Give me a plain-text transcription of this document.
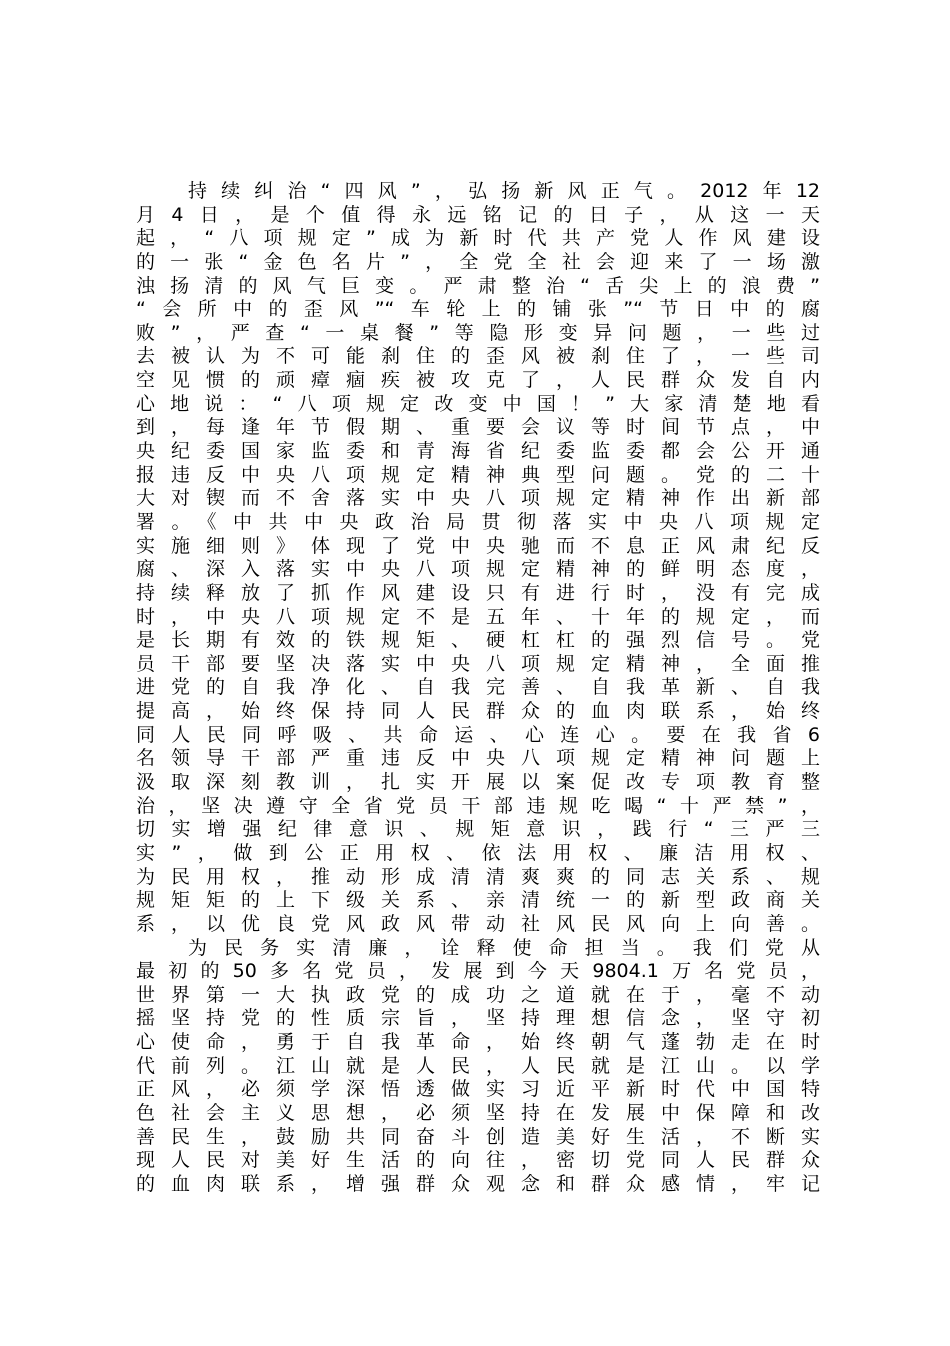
持续纠治“四风”，弘扬新风正气。2012年12
月4日，是个值得永远铭记的日子，从这一天
起，“八项规定”成为新时代共产党人作风建设
的一张“金色名片”，全党全社会迎来了一场激
浊扬清的风气巨变。严肃整治“舌尖上的浪费”
“会所中的歪风”“车轮上的铺张”“节日中的腐
败”，严查“一桌餐”等隐形变异问题，一些过
去被认为不可能刹住的歪风被刹住了，一些司
空见惯的顽瘴痼疾被攻克了，人民群众发自内
心地说：“八项规定改变中国！”大家清楚地看
到，每逢年节假期、重要会议等时间节点，中
央纪委国家监委和青海省纪委监委都会公开通
报违反中央八项规定精神典型问题。党的二十
大对锲而不舍落实中央八项规定精神作出新部
署。《中共中央政治局贯彻落实中央八项规定
实施细则》体现了党中央驰而不息正风肃纪反
腐、深入落实中央八项规定精神的鲜明态度，
持续释放了抓作风建设只有进行时，没有完成
时，中央八项规定不是五年、十年的规定，而
是长期有效的铁规矩、硬杠杠的强烈信号。党
员干部要坚决落实中央八项规定精神，全面推
进党的自我净化、自我完善、自我革新、自我
提高，始终保持同人民群众的血肉联系，始终
同人民同呼吸、共命运、心连心。要在我省6
名领导干部严重违反中央八项规定精神问题上
汲取深刻教训，扎实开展以案促改专项教育整
治，坚决遵守全省党员干部违规吃喝“十严禁”，
切实增强纪律意识、规矩意识，践行“三严三
实”，做到公正用权、依法用权、廉洁用权、
为民用权，推动形成清清爽爽的同志关系、规
规矩矩的上下级关系、亲清统一的新型政商关
系，以优良党风政风带动社风民风向上向善。
为民务实清廉，诠释使命担当。我们党从
最初的50多名党员，发展到今天9804.1万名党员，
世界第一大执政党的成功之道就在于，毫不动
摇坚持党的性质宗旨，坚持理想信念，坚守初
心使命，勇于自我革命，始终朝气蓬勃走在时
代前列。江山就是人民，人民就是江山。以学
正风，必须学深悟透做实习近平新时代中国特
色社会主义思想，必须坚持在发展中保障和改
善民生，鼓励共同奋斗创造美好生活，不断实
现人民对美好生活的向往，密切党同人民群众
的血肉联系，增强群众观念和群众感情，牢记
